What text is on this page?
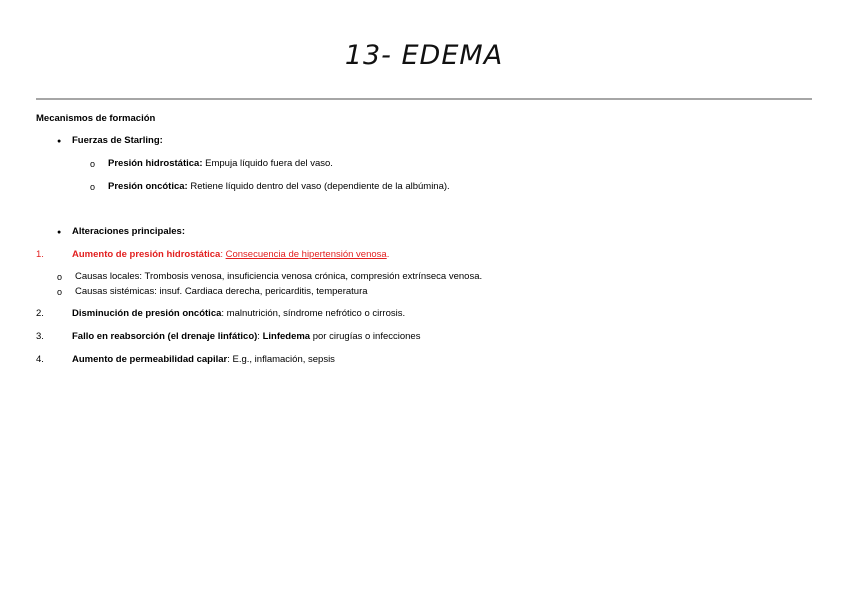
13- EDEMA
Mecanismos de formación
● Fuerzas de Starling:
o Presión hidrostática: Empuja líquido fuera del vaso.
o Presión oncótica: Retiene líquido dentro del vaso (dependiente de la albúmina).
● Alteraciones principales:
1.	Aumento de presión hidrostática: Consecuencia de hipertensión venosa.
o Causas locales: Trombosis venosa, insuficiencia venosa crónica, compresión extrínseca venosa.
o Causas sistémicas: insuf. Cardiaca derecha, pericarditis, temperatura
2.	Disminución de presión oncótica: malnutrición, síndrome nefrótico o cirrosis.
3.	Fallo en reabsorción (el drenaje linfático): Linfedema por cirugías o infecciones
4.	Aumento de permeabilidad capilar: E.g., inflamación, sepsis
